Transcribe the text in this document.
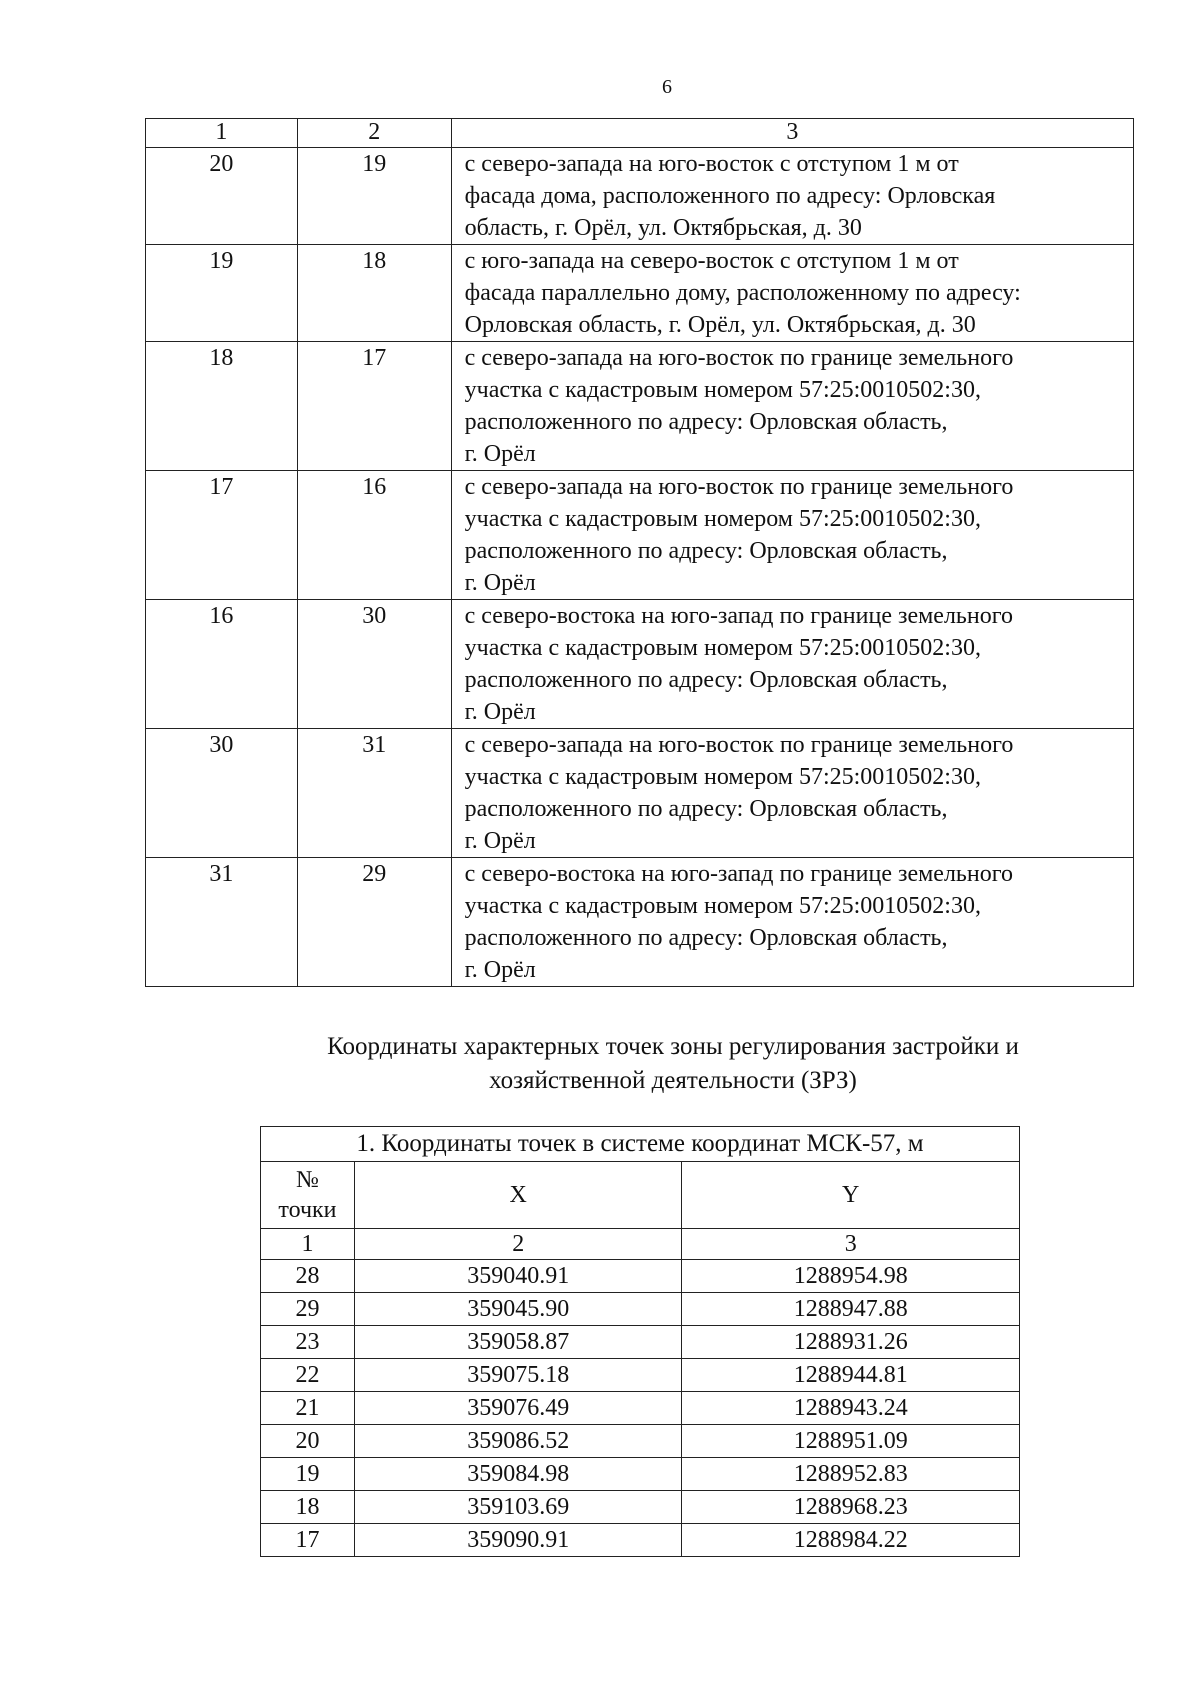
6
1	2	3
20	19	с северо-запада на юго-восток с отступом 1 м от
фасада дома, расположенного по адресу: Орловская
область, г. Орёл, ул. Октябрьская, д. 30

19	18	с юго-запада на северо-восток с отступом 1 м от
фасада параллельно дому, расположенному по адресу:
Орловская область, г. Орёл, ул. Октябрьская, д. 30

18	17	с северо-запада на юго-восток по границе земельного
участка с кадастровым номером 57:25:0010502:30,
расположенного по адресу: Орловская область,
г. Орёл

17	16	с северо-запада на юго-восток по границе земельного
участка с кадастровым номером 57:25:0010502:30,
расположенного по адресу: Орловская область,
г. Орёл

16	30	с северо-востока на юго-запад по границе земельного
участка с кадастровым номером 57:25:0010502:30,
расположенного по адресу: Орловская область,
г. Орёл

30	31	с северо-запада на юго-восток по границе земельного
участка с кадастровым номером 57:25:0010502:30,
расположенного по адресу: Орловская область,
г. Орёл

31	29	с северо-востока на юго-запад по границе земельного
участка с кадастровым номером 57:25:0010502:30,
расположенного по адресу: Орловская область,
г. Орёл
Координаты характерных точек зоны регулирования застройки и
хозяйственной деятельности (ЗРЗ)
1. Координаты точек в системе координат МСК-57, м		

№
точки	X	Y
1	2	3
28	359040.91	1288954.98
29	359045.90	1288947.88
23	359058.87	1288931.26
22	359075.18	1288944.81
21	359076.49	1288943.24
20	359086.52	1288951.09
19	359084.98	1288952.83
18	359103.69	1288968.23
17	359090.91	1288984.22
